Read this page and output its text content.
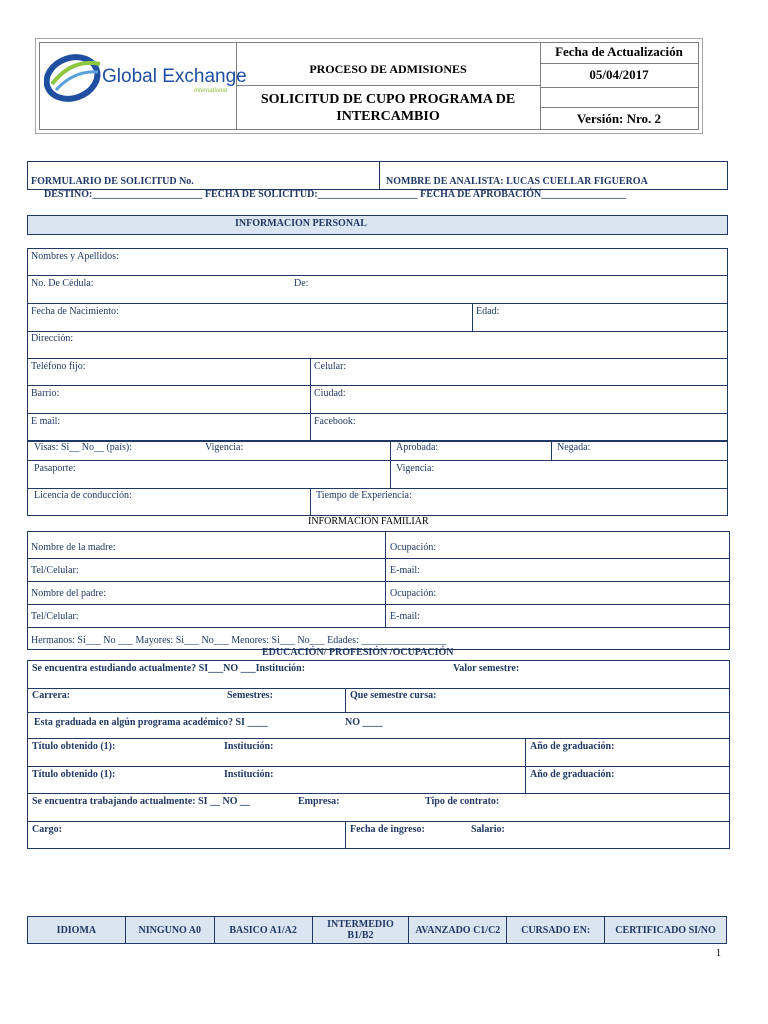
Global Exchange
International
PROCESO DE ADMISIONES
SOLICITUD DE CUPO PROGRAMA DE
INTERCAMBIO
Fecha de Actualización
05/04/2017
Versión: Nro. 2
FORMULARIO DE SOLICITUD No.	NOMBRE DE ANALISTA: LUCAS CUELLAR FIGUEROA
DESTINO:______________________ FECHA DE SOLICITUD:____________________ FECHA DE APROBACIÓN_________________
INFORMACION PERSONAL
Nombres y Apellidos:
No. De Cédula:	De:
Fecha de Nacimiento:	Edad:
Dirección:
Teléfono fijo:	Celular:
Barrio:	Ciudad:
E mail:	Facebook:
Visas: Si__ No__ (país):	Vigencia:	Aprobada:	Negada:
Pasaporte:	Vigencia:
Licencia de conducción:	Tiempo de Experiencia:
INFORMACIÓN FAMILIAR
Nombre de la madre:	Ocupación:
Tel/Celular:	E-mail:
Nombre del padre:	Ocupación:
Tel/Celular:	E-mail:
Hermanos: Si___ No ___ Mayores: Si___ No___ Menores: Si___ No___ Edades: _________________
EDUCACIÓN/ PROFESIÓN /OCUPACIÓN
Se encuentra estudiando actualmente? SI___NO ___Institución:	Valor semestre:
Carrera:	Semestres:	Que semestre cursa:
Esta graduada en algún programa académico? SI ____	NO ____
Título obtenido (1):	Institución:	Año de graduación:
Título obtenido (1):	Institución:	Año de graduación:
Se encuentra trabajando actualmente: SI __ NO __	Empresa:	Tipo de contrato:
Cargo:	Fecha de ingreso:	Salario:
IDIOMA	NINGUNO A0	BASICO A1/A2	INTERMEDIO B1/B2	AVANZADO C1/C2	CURSADO EN:	CERTIFICADO SI/NO
1
